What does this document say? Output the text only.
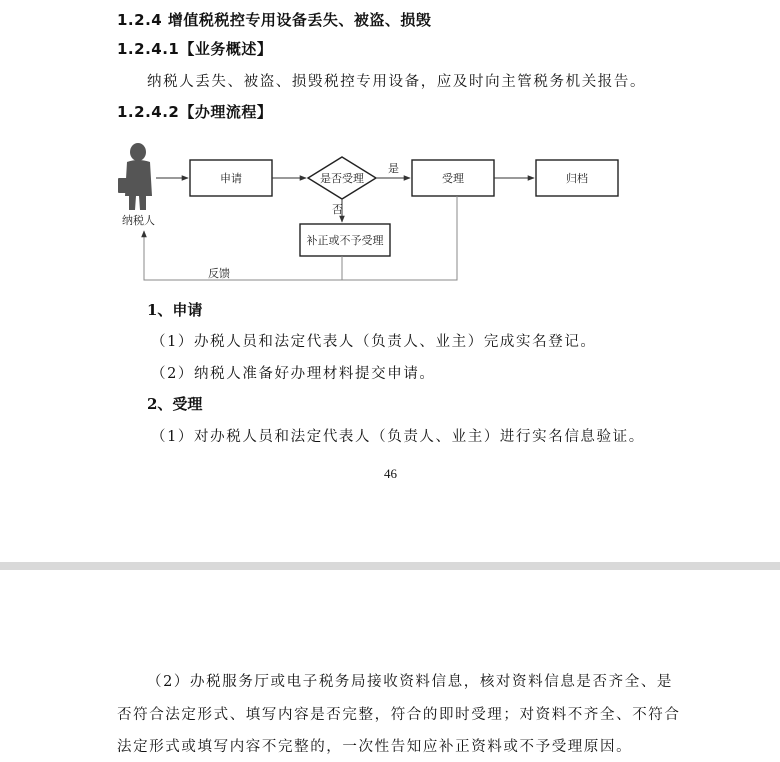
1.2.4 增值税税控专用设备丢失、被盗、损毁
1.2.4.1【业务概述】
纳税人丢失、被盗、损毁税控专用设备，应及时向主管税务机关报告。
1.2.4.2【办理流程】
纳税人
申请	是否受理
是
受理	归档
否
补正或不予受理
反馈
1、申请
（1）办税人员和法定代表人（负责人、业主）完成实名登记。
（2）纳税人准备好办理材料提交申请。
2、受理
（1）对办税人员和法定代表人（负责人、业主）进行实名信息验证。
46
（2）办税服务厅或电子税务局接收资料信息，核对资料信息是否齐全、是
否符合法定形式、填写内容是否完整，符合的即时受理；对资料不齐全、不符合
法定形式或填写内容不完整的，一次性告知应补正资料或不予受理原因。
